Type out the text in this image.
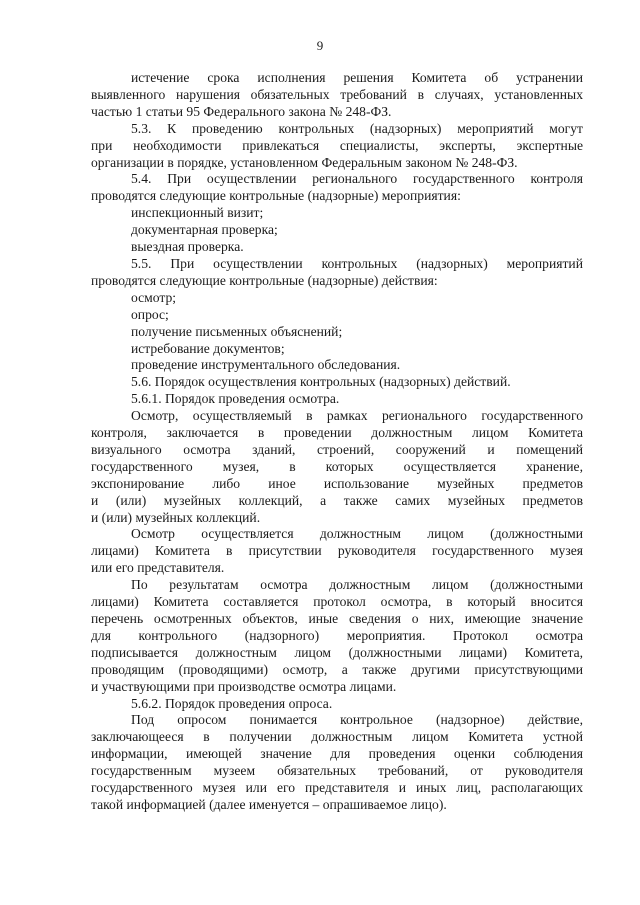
9
истечение срока исполнения решения Комитета об устранении
выявленного нарушения обязательных требований в случаях, установленных
частью 1 статьи 95 Федерального закона № 248-ФЗ.
5.3. К проведению контрольных (надзорных) мероприятий могут
при необходимости привлекаться специалисты, эксперты, экспертные
организации в порядке, установленном Федеральным законом № 248-ФЗ.
5.4. При осуществлении регионального государственного контроля
проводятся следующие контрольные (надзорные) мероприятия:
инспекционный визит;
документарная проверка;
выездная проверка.
5.5. При осуществлении контрольных (надзорных) мероприятий
проводятся следующие контрольные (надзорные) действия:
осмотр;
опрос;
получение письменных объяснений;
истребование документов;
проведение инструментального обследования.
5.6. Порядок осуществления контрольных (надзорных) действий.
5.6.1. Порядок проведения осмотра.
Осмотр, осуществляемый в рамках регионального государственного
контроля, заключается в проведении должностным лицом Комитета
визуального осмотра зданий, строений, сооружений и помещений
государственного музея, в которых осуществляется хранение,
экспонирование либо иное использование музейных предметов
и (или) музейных коллекций, а также самих музейных предметов
и (или) музейных коллекций.
Осмотр осуществляется должностным лицом (должностными
лицами) Комитета в присутствии руководителя государственного музея
или его представителя.
По результатам осмотра должностным лицом (должностными
лицами) Комитета составляется протокол осмотра, в который вносится
перечень осмотренных объектов, иные сведения о них, имеющие значение
для контрольного (надзорного) мероприятия. Протокол осмотра
подписывается должностным лицом (должностными лицами) Комитета,
проводящим (проводящими) осмотр, а также другими присутствующими
и участвующими при производстве осмотра лицами.
5.6.2. Порядок проведения опроса.
Под опросом понимается контрольное (надзорное) действие,
заключающееся в получении должностным лицом Комитета устной
информации, имеющей значение для проведения оценки соблюдения
государственным музеем обязательных требований, от руководителя
государственного музея или его представителя и иных лиц, располагающих
такой информацией (далее именуется – опрашиваемое лицо).
